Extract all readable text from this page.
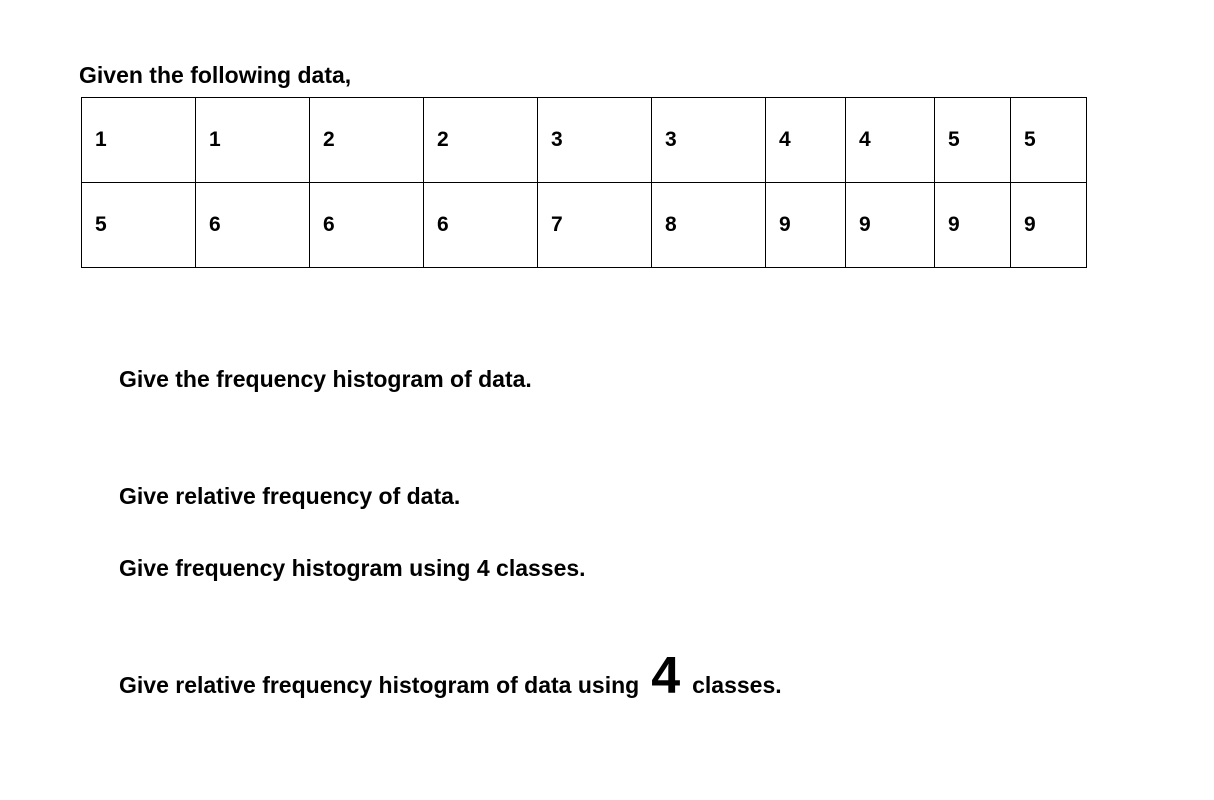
Given the following data,
1	1	2	2	3	3	4	4	5	5
5	6	6	6	7	8	9	9	9	9
Give the frequency histogram of data.
Give relative frequency of data.
Give frequency histogram using 4 classes.
Give relative frequency histogram of data using 4 classes.
